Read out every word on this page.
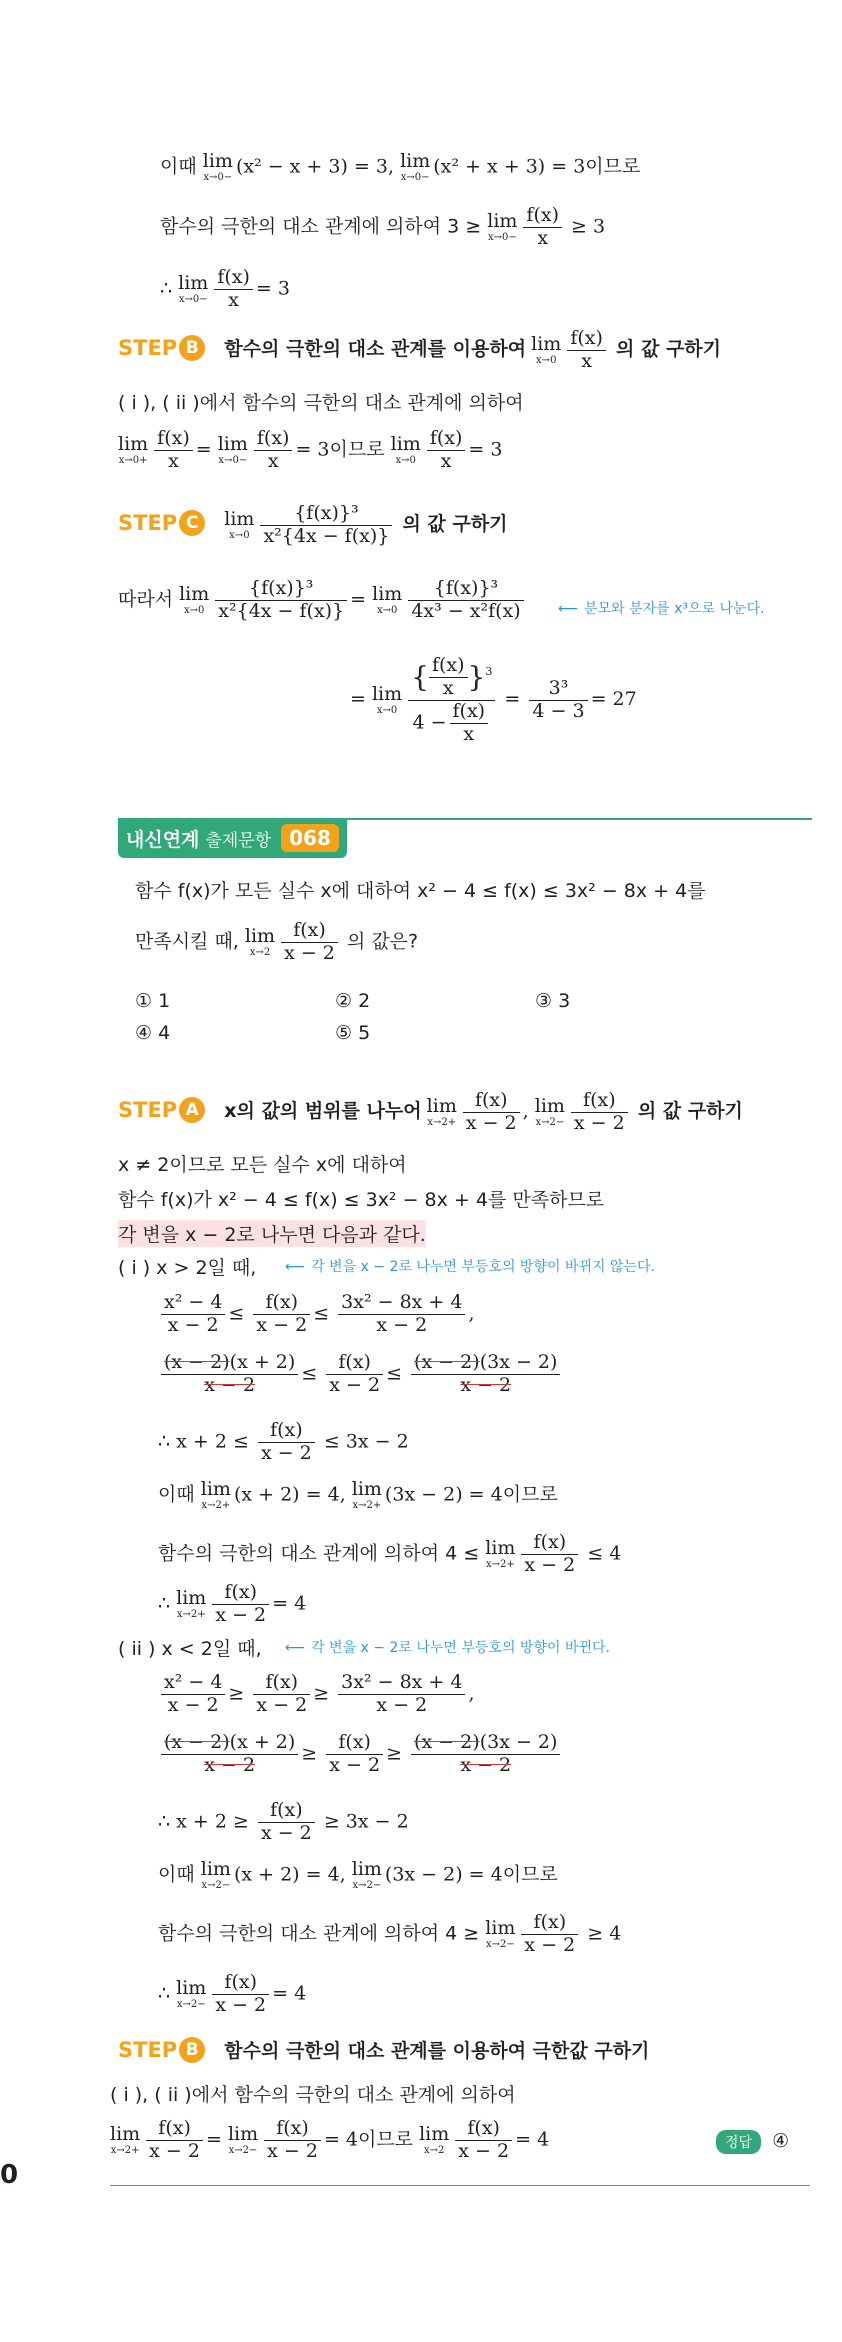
이때 lim
x→0− (x² − x + 3) = 3, lim
x→0− (x² + x + 3) = 3이므로
함수의 극한의 대소 관계에 의하여 3 ≥ lim
$x\to 0- \frac{f(x)}{x} \ge 3$
∴ lim
$x\to 0- \frac{f(x)}{x} = 3$
STEP B 함수의 극한의 대소 관계를 이용하여 lim
$x\to 0 \frac{f(x)}{x}$ 의 값 구하기
( i ), ( ii )에서 함수의 극한의 대소 관계에 의하여
lim
$x\to 0+ \frac{f(x)}{x} = \lim$
$x\to 0- \frac{f(x)}{x} = 3$이므로 lim
$x\to 0 \frac{f(x)}{x} = 3$
STEP C lim
$x\to 0 \frac{\text{\{f(x)\}³}}{\text{x²\{4x − f(x)\}}}$ 의 값 구하기
따라서 lim
$x\to 0 \frac{\text{\{f(x)\}³}}{\text{x²\{4x − f(x)\}}} = \lim$
$x\to 0 \frac{\text{\{f(x)\}³}}{\text{4x³ − x²f(x)}}$ ⟵ 분모와 분자를 x³으로 나눈다.
= lim
$x\to 0 \frac{\{ \frac{f(x)}{x} \}^3}{4 - \frac{f(x)}{x}} = \frac{\text{3³}}{4 - 3} = 27$
내신연계 출제문항 068
함수 f(x)가 모든 실수 x에 대하여 x² − 4 ≤ f(x) ≤ 3x² − 8x + 4를
만족시킬 때, lim
$x\to 2 \frac{f(x)}{x - 2}$ 의 값은?
① 1	② 2	③ 3
④ 4	⑤ 5
STEP A x의 값의 범위를 나누어 lim
$x\to 2+ \frac{f(x)}{x - 2}$ , lim
$x\to 2- \frac{f(x)}{x - 2}$ 의 값 구하기
x ≠ 2이므로 모든 실수 x에 대하여
함수 f(x)가 x² − 4 ≤ f(x) ≤ 3x² − 8x + 4를 만족하므로
각 변을 x − 2로 나누면 다음과 같다.
( i ) x > 2일 때, ⟵ 각 변을 x − 2로 나누면 부등호의 방향이 바뀌지 않는다.
$\frac{\text{x² − 4}}{x - 2} \le \frac{f(x)}{x - 2} \le \frac{\text{3x² − 8x + 4}}{x - 2}$ ,
$\frac{(x - 2)(x + 2)}{x - 2} \le \frac{f(x)}{x - 2} \le \frac{(x - 2)(3x - 2)}{x - 2}$
∴ $x + 2 \le \frac{f(x)}{x - 2} \le 3x - 2$
이때 lim
x→2+ (x + 2) = 4, lim
x→2+ (3x − 2) = 4이므로
함수의 극한의 대소 관계에 의하여 4 ≤ lim
$x\to 2+ \frac{f(x)}{x - 2} \le 4$
∴ lim
$x\to 2+ \frac{f(x)}{x - 2} = 4$
( ii ) x < 2일 때, ⟵ 각 변을 x − 2로 나누면 부등호의 방향이 바뀐다.
$\frac{\text{x² − 4}}{x - 2} \ge \frac{f(x)}{x - 2} \ge \frac{\text{3x² − 8x + 4}}{x - 2}$ ,
$\frac{(x - 2)(x + 2)}{x - 2} \ge \frac{f(x)}{x - 2} \ge \frac{(x - 2)(3x - 2)}{x - 2}$
∴ $x + 2 \ge \frac{f(x)}{x - 2} \ge 3x - 2$
이때 lim
x→2− (x + 2) = 4, lim
x→2− (3x − 2) = 4이므로
함수의 극한의 대소 관계에 의하여 4 ≥ lim
$x\to 2- \frac{f(x)}{x - 2} \ge 4$
∴ lim
$x\to 2- \frac{f(x)}{x - 2} = 4$
STEP B 함수의 극한의 대소 관계를 이용하여 극한값 구하기
( i ), ( ii )에서 함수의 극한의 대소 관계에 의하여
lim
$x\to 2+ \frac{f(x)}{x - 2} = \lim$
$x\to 2- \frac{f(x)}{x - 2} = 4$이므로 lim
$x\to 2 \frac{f(x)}{x - 2} = 4$	정답 ④
0
